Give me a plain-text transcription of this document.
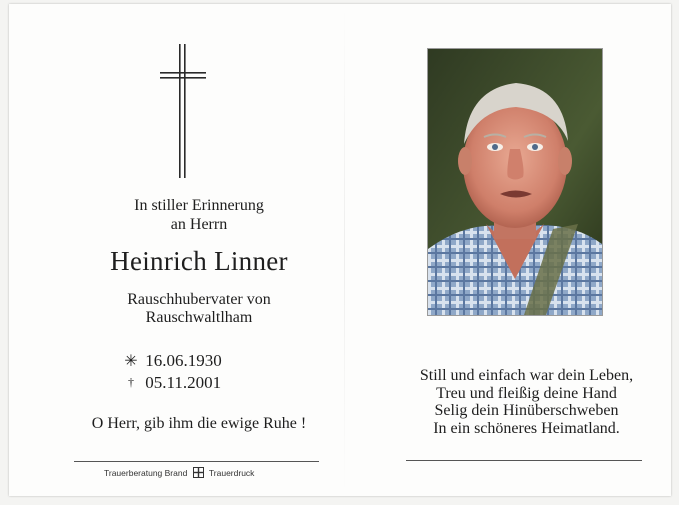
In stiller Erinnerung
an Herrn
Heinrich Linner
Rauschhubervater von
Rauschwaltlham
✳ 16.06.1930
† 05.11.2001
O Herr, gib ihm die ewige Ruhe !
Trauerberatung Brand	Trauerdruck
Still und einfach war dein Leben,
Treu und fleißig deine Hand
Selig dein Hinüberschweben
In ein schöneres Heimatland.
